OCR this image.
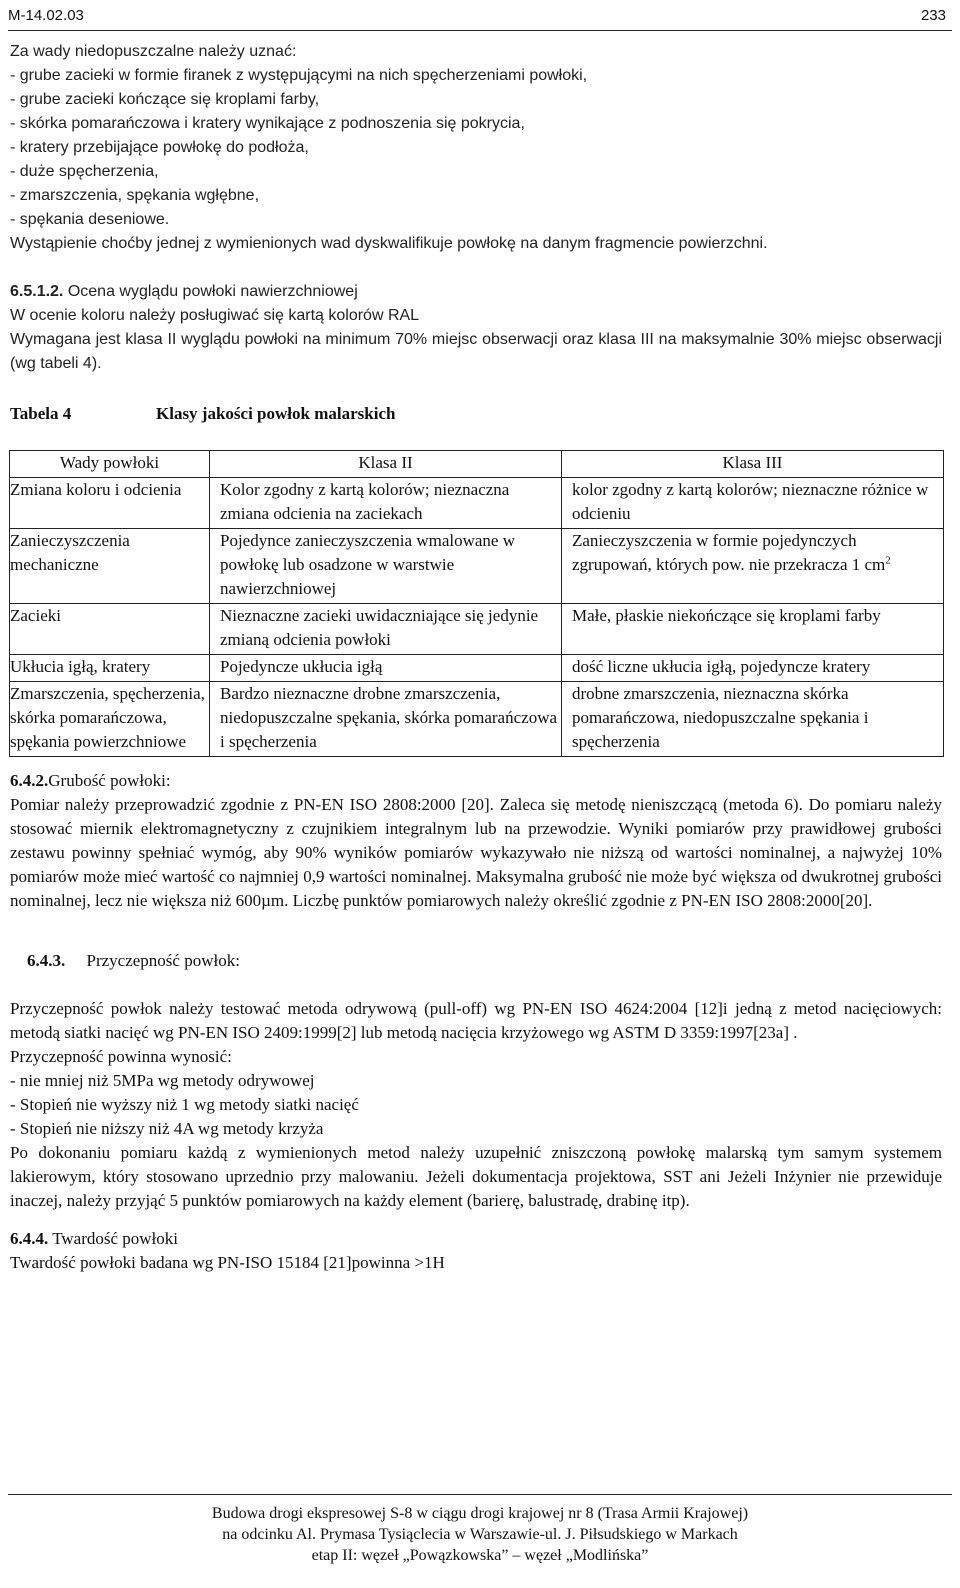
M-14.02.03	233
Za wady niedopuszczalne należy uznać:
- grube zacieki w formie firanek z występującymi na nich spęcherzeniami powłoki,
- grube zacieki kończące się kroplami farby,
- skórka pomarańczowa i kratery wynikające z podnoszenia się pokrycia,
- kratery przebijające powłokę do podłoża,
- duże spęcherzenia,
- zmarszczenia, spękania wgłębne,
- spękania deseniowe.
Wystąpienie choćby jednej z wymienionych wad dyskwalifikuje powłokę na danym fragmencie powierzchni.
6.5.1.2. Ocena wyglądu powłoki nawierzchniowej
W ocenie koloru należy posługiwać się kartą kolorów RAL
Wymagana jest klasa II wyglądu powłoki na minimum 70% miejsc obserwacji oraz klasa III na maksymalnie 30% miejsc obserwacji (wg tabeli 4).
Tabela 4	Klasy jakości powłok malarskich
Wady powłoki	Klasa II	Klasa III
Zmiana koloru i odcienia	Kolor zgodny z kartą kolorów; nieznaczna zmiana odcienia na zaciekach	kolor zgodny z kartą kolorów; nieznaczne różnice w odcieniu
Zanieczyszczenia mechaniczne	Pojedynce zanieczyszczenia wmalowane w powłokę lub osadzone w warstwie nawierzchniowej	Zanieczyszczenia w formie pojedynczych zgrupowań, których pow. nie przekracza 1 $cm^2$
Zacieki	Nieznaczne zacieki uwidaczniające się jedynie zmianą odcienia powłoki	Małe, płaskie niekończące się kroplami farby
Ukłucia igłą, kratery	Pojedyncze ukłucia igłą	dość liczne ukłucia igłą, pojedyncze kratery
Zmarszczenia, spęcherzenia, skórka pomarańczowa, spękania powierzchniowe	Bardzo nieznaczne drobne zmarszczenia, niedopuszczalne spękania, skórka pomarańczowa i spęcherzenia	drobne zmarszczenia, nieznaczna skórka pomarańczowa, niedopuszczalne spękania i spęcherzenia
6.4.2.Grubość powłoki:
Pomiar należy przeprowadzić zgodnie z PN-EN ISO 2808:2000 [20]. Zaleca się metodę nieniszczącą (metoda 6). Do pomiaru należy stosować miernik elektromagnetyczny z czujnikiem integralnym lub na przewodzie. Wyniki pomiarów przy prawidłowej grubości zestawu powinny spełniać wymóg, aby 90% wyników pomiarów wykazywało nie niższą od wartości nominalnej, a najwyżej 10% pomiarów może mieć wartość co najmniej 0,9 wartości nominalnej. Maksymalna grubość nie może być większa od dwukrotnej grubości nominalnej, lecz nie większa niż 600µm. Liczbę punktów pomiarowych należy określić zgodnie z PN-EN ISO 2808:2000[20].

6.4.3.     Przyczepność powłok:

Przyczepność powłok należy testować metoda odrywową (pull-off) wg PN-EN ISO 4624:2004 [12]i jedną z metod nacięciowych: metodą siatki nacięć wg PN-EN ISO 2409:1999[2] lub metodą nacięcia krzyżowego wg ASTM D 3359:1997[23a] .
Przyczepność powinna wynosić:
- nie mniej niż 5MPa wg metody odrywowej
- Stopień nie wyższy niż 1 wg metody siatki nacięć
- Stopień nie niższy niż 4A wg metody krzyża
Po dokonaniu pomiaru każdą z wymienionych metod należy uzupełnić zniszczoną powłokę malarską tym samym systemem lakierowym, który stosowano uprzednio przy malowaniu. Jeżeli dokumentacja projektowa, SST ani Jeżeli Inżynier nie przewiduje inaczej, należy przyjąć 5 punktów pomiarowych na każdy element (barierę, balustradę, drabinę itp).
6.4.4. Twardość powłoki
Twardość powłoki badana wg PN-ISO 15184 [21]powinna >1H
Budowa drogi ekspresowej S-8 w ciągu drogi krajowej nr 8 (Trasa Armii Krajowej)
na odcinku Al. Prymasa Tysiąclecia w Warszawie-ul. J. Piłsudskiego w Markach
etap II: węzeł „Powązkowska” – węzeł „Modlińska”
